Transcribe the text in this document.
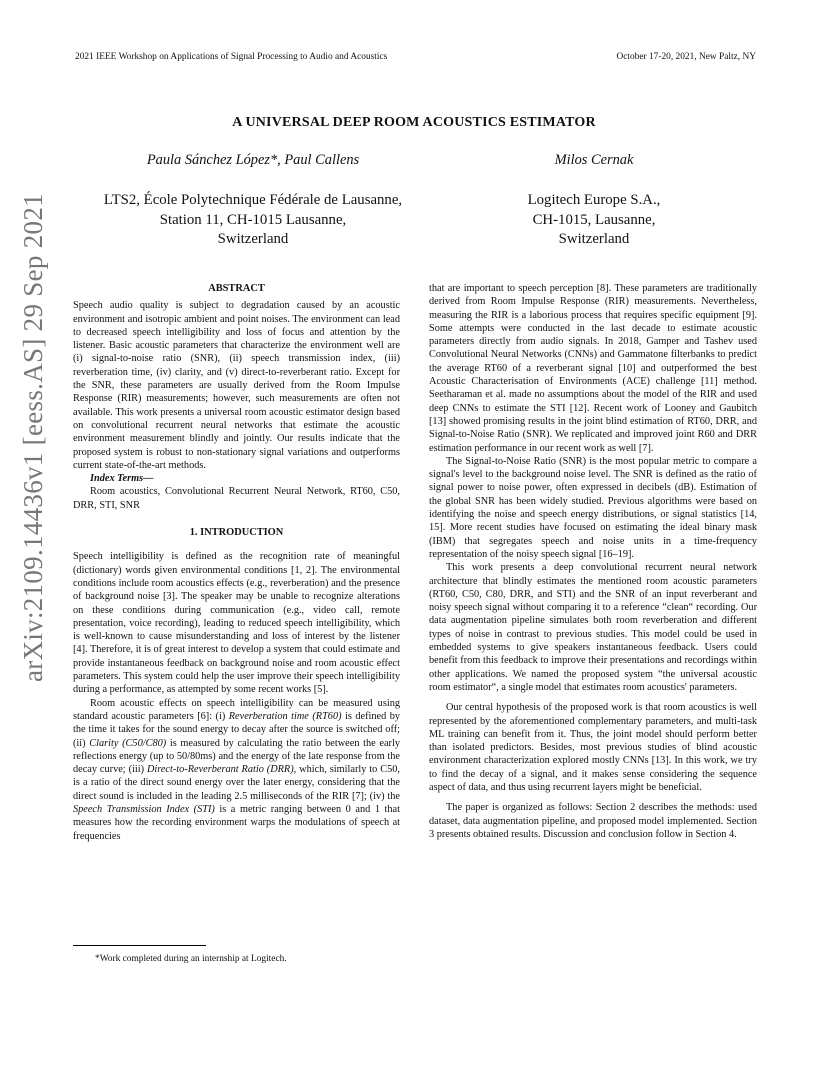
2021 IEEE Workshop on Applications of Signal Processing to Audio and Acoustics	October 17-20, 2021, New Paltz, NY
arXiv:2109.14436v1 [eess.AS] 29 Sep 2021
A UNIVERSAL DEEP ROOM ACOUSTICS ESTIMATOR
Paula Sánchez López*, Paul Callens	Milos Cernak
LTS2, École Polytechnique Fédérale de Lausanne,
Station 11, CH-1015 Lausanne,
Switzerland
Logitech Europe S.A.,
CH-1015, Lausanne,
Switzerland
ABSTRACT

Speech audio quality is subject to degradation caused by an acoustic environment and isotropic ambient and point noises. The environment can lead to decreased speech intelligibility and loss of focus and attention by the listener. Basic acoustic parameters that characterize the environment well are (i) signal-to-noise ratio (SNR), (ii) speech transmission index, (iii) reverberation time, (iv) clarity, and (v) direct-to-reverberant ratio. Except for the SNR, these parameters are usually derived from the Room Impulse Response (RIR) measurements; however, such measurements are often not available. This work presents a universal room acoustic estimator design based on convolutional recurrent neural networks that estimate the acoustic environment measurement blindly and jointly. Our results indicate that the proposed system is robust to non-stationary signal variations and outperforms current state-of-the-art methods.

Index Terms—

Room acoustics, Convolutional Recurrent Neural Network, RT60, C50, DRR, STI, SNR

1. INTRODUCTION

Speech intelligibility is defined as the recognition rate of meaningful (dictionary) words given environmental conditions [1, 2]. The environmental conditions include room acoustics effects (e.g., reverberation) and the presence of background noise [3]. The speaker may be unable to recognize alterations on these conditions during communication (e.g., video call, remote presentation, voice recording), leading to reduced speech intelligibility, which is well-known to cause misunderstanding and loss of interest by the listener [4]. Therefore, it is of great interest to develop a system that could estimate and provide instantaneous feedback on background noise and room acoustic effect parameters. This system could help the user improve their speech intelligibility during a performance, as attempted by some recent works [5].

Room acoustic effects on speech intelligibility can be measured using standard acoustic parameters [6]: (i) Reverberation time (RT60) is defined by the time it takes for the sound energy to decay after the source is switched off; (ii) Clarity (C50/C80) is measured by calculating the ratio between the early reflections energy (up to 50/80ms) and the energy of the late response from the decay curve; (iii) Direct-to-Reverberant Ratio (DRR), which, similarly to C50, is a ratio of the direct sound energy over the later energy, considering that the direct sound is included in the leading 2.5 milliseconds of the RIR [7]; (iv) the Speech Transmission Index (STI) is a metric ranging between 0 and 1 that measures how the recording environment warps the modulations of speech at frequencies

that are important to speech perception [8]. These parameters are traditionally derived from Room Impulse Response (RIR) measurements. Nevertheless, measuring the RIR is a laborious process that requires specific equipment [9]. Some attempts were conducted in the last decade to estimate acoustic parameters directly from audio signals. In 2018, Gamper and Tashev used Convolutional Neural Networks (CNNs) and Gammatone filterbanks to predict the average RT60 of a reverberant signal [10] and outperformed the best Acoustic Characterisation of Environments (ACE) challenge [11] method. Seetharaman et al. made no assumptions about the model of the RIR and used deep CNNs to estimate the STI [12]. Recent work of Looney and Gaubitch [13] showed promising results in the joint blind estimation of RT60, DRR, and Signal-to-Noise Ratio (SNR). We replicated and improved joint R60 and DRR estimation performance in our recent work as well [7].

The Signal-to-Noise Ratio (SNR) is the most popular metric to compare a signal's level to the background noise level. The SNR is defined as the ratio of signal power to noise power, often expressed in decibels (dB). Estimation of the global SNR has been widely studied. Previous algorithms were based on identifying the noise and speech energy distributions, or signal statistics [14, 15]. More recent studies have focused on estimating the ideal binary mask (IBM) that segregates speech and noise units in a time-frequency representation of the noisy speech signal [16–19].

This work presents a deep convolutional recurrent neural network architecture that blindly estimates the mentioned room acoustic parameters (RT60, C50, C80, DRR, and STI) and the SNR of an input reverberant and noisy speech signal without comparing it to a reference “clean“ recording. Our data augmentation pipeline simulates both room reverberation and different types of noise in contrast to previous studies. This model could be used in embedded systems to give speakers instantaneous feedback. Users could benefit from this feedback to improve their presentations and recordings within other applications. We named the proposed system “the universal acoustic room estimator“, a single model that estimates room acoustics' parameters.

Our central hypothesis of the proposed work is that room acoustics is well represented by the aforementioned complementary parameters, and multi-task ML training can benefit from it. Thus, the joint model should perform better than isolated predictors. Besides, most previous studies of blind acoustic environment characterization explored mostly CNNs [13]. In this work, we try to find the decay of a signal, and it makes sense considering the sequence aspect of data, and thus using recurrent layers might be beneficial.

The paper is organized as follows: Section 2 describes the methods: used dataset, data augmentation pipeline, and proposed model implemented. Section 3 presents obtained results. Discussion and conclusion follow in Section 4.

*Work completed during an internship at Logitech.
